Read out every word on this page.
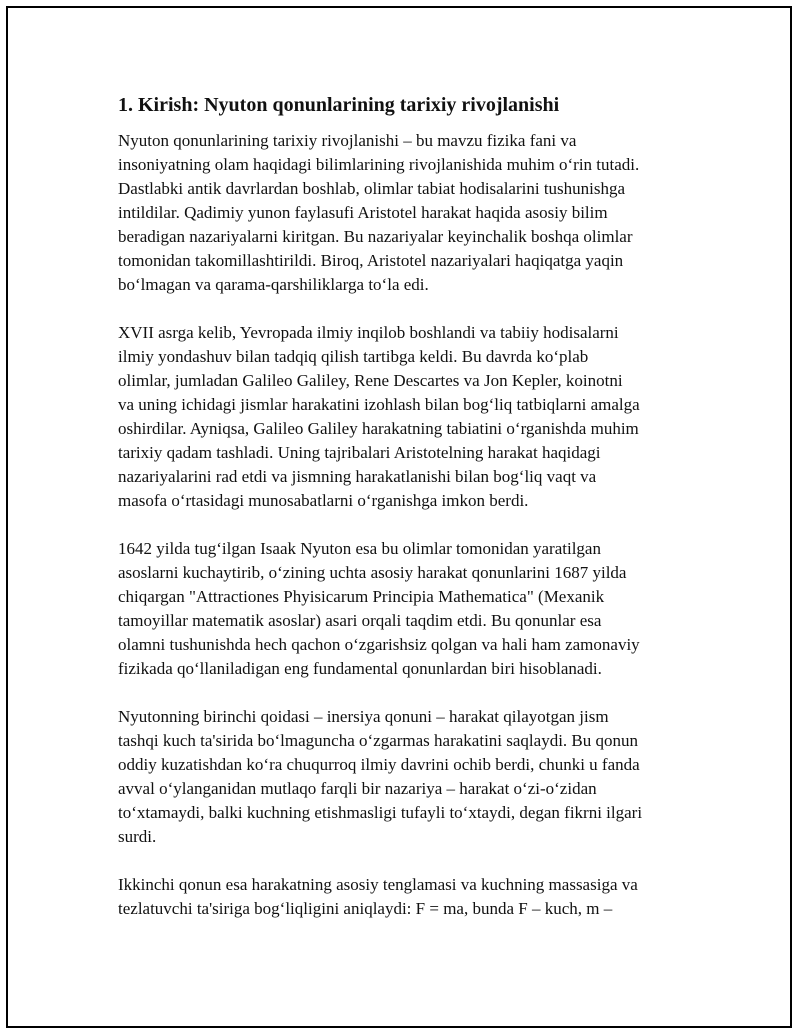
1. Kirish: Nyuton qonunlarining tarixiy rivojlanishi
Nyuton qonunlarining tarixiy rivojlanishi – bu mavzu fizika fani va
insoniyatning olam haqidagi bilimlarining rivojlanishida muhim o‘rin tutadi.
Dastlabki antik davrlardan boshlab, olimlar tabiat hodisalarini tushunishga
intildilar. Qadimiy yunon faylasufi Aristotel harakat haqida asosiy bilim
beradigan nazariyalarni kiritgan. Bu nazariyalar keyinchalik boshqa olimlar
tomonidan takomillashtirildi. Biroq, Aristotel nazariyalari haqiqatga yaqin
bo‘lmagan va qarama-qarshiliklarga to‘la edi.
XVII asrga kelib, Yevropada ilmiy inqilob boshlandi va tabiiy hodisalarni
ilmiy yondashuv bilan tadqiq qilish tartibga keldi. Bu davrda ko‘plab
olimlar, jumladan Galileo Galiley, Rene Descartes va Jon Kepler, koinotni
va uning ichidagi jismlar harakatini izohlash bilan bog‘liq tatbiqlarni amalga
oshirdilar. Ayniqsa, Galileo Galiley harakatning tabiatini o‘rganishda muhim
tarixiy qadam tashladi. Uning tajribalari Aristotelning harakat haqidagi
nazariyalarini rad etdi va jismning harakatlanishi bilan bog‘liq vaqt va
masofa o‘rtasidagi munosabatlarni o‘rganishga imkon berdi.
1642 yilda tug‘ilgan Isaak Nyuton esa bu olimlar tomonidan yaratilgan
asoslarni kuchaytirib, o‘zining uchta asosiy harakat qonunlarini 1687 yilda
chiqargan "Attractiones Phyisicarum Principia Mathematica" (Mexanik
tamoyillar matematik asoslar) asari orqali taqdim etdi. Bu qonunlar esa
olamni tushunishda hech qachon o‘zgarishsiz qolgan va hali ham zamonaviy
fizikada qo‘llaniladigan eng fundamental qonunlardan biri hisoblanadi.
Nyutonning birinchi qoidasi – inersiya qonuni – harakat qilayotgan jism
tashqi kuch ta'sirida bo‘lmaguncha o‘zgarmas harakatini saqlaydi. Bu qonun
oddiy kuzatishdan ko‘ra chuqurroq ilmiy davrini ochib berdi, chunki u fanda
avval o‘ylanganidan mutlaqo farqli bir nazariya – harakat o‘zi-o‘zidan
to‘xtamaydi, balki kuchning etishmasligi tufayli to‘xtaydi, degan fikrni ilgari
surdi.
Ikkinchi qonun esa harakatning asosiy tenglamasi va kuchning massasiga va
tezlatuvchi ta'siriga bog‘liqligini aniqlaydi: F = ma, bunda F – kuch, m –
